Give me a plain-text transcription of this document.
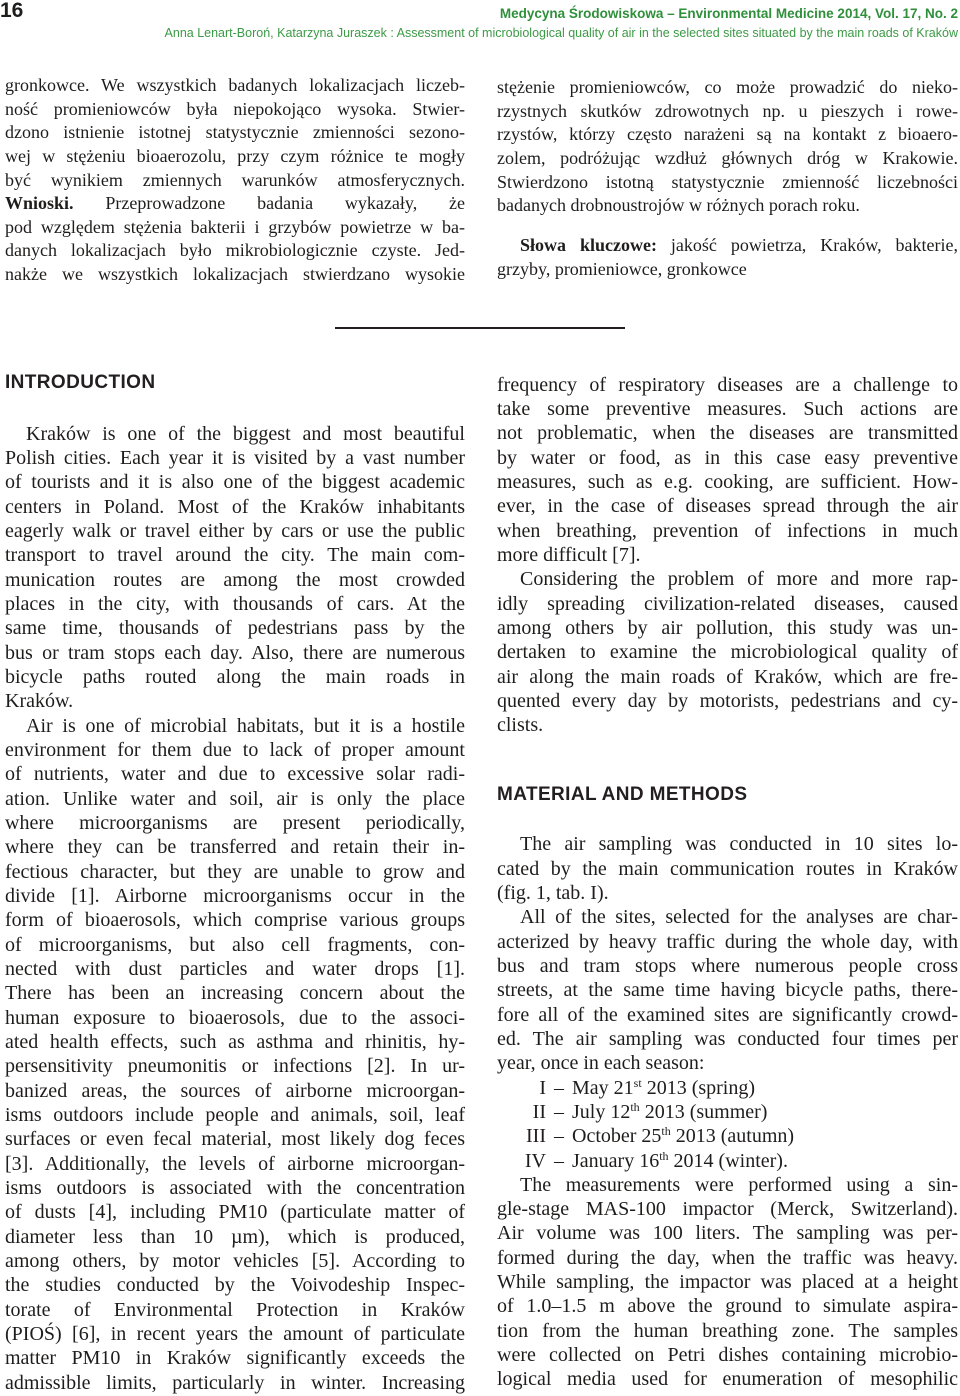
16	Medycyna Środowiskowa – Environmental Medicine 2014, Vol. 17, No. 2
Anna Lenart-Boroń, Katarzyna Juraszek : Assessment of microbiological quality of air in the selected sites situated by the main roads of Kraków
gronkowce. We wszystkich badanych lokalizacjach liczeb-
ność promieniowców była niepokojąco wysoka. Stwier-
dzono istnienie istotnej statystycznie zmienności sezono-
wej w stężeniu bioaerozolu, przy czym różnice te mogły
być wynikiem zmiennych warunków atmosferycznych.
Wnioski. Przeprowadzone badania wykazały, że
pod względem stężenia bakterii i grzybów powietrze w ba-
danych lokalizacjach było mikrobiologicznie czyste. Jed-
nakże we wszystkich lokalizacjach stwierdzano wysokie
stężenie promieniowców, co może prowadzić do nieko-
rzystnych skutków zdrowotnych np. u pieszych i rowe-
rzystów, którzy często narażeni są na kontakt z bioaero-
zolem, podróżując wzdłuż głównych dróg w Krakowie.
Stwierdzono istotną statystycznie zmienność liczebności
badanych drobnoustrojów w różnych porach roku.
Słowa kluczowe: jakość powietrza, Kraków, bakterie,
grzyby, promieniowce, gronkowce
INTRODUCTION
Kraków is one of the biggest and most beautiful
Polish cities. Each year it is visited by a vast number
of tourists and it is also one of the biggest academic
centers in Poland. Most of the Kraków inhabitants
eagerly walk or travel either by cars or use the public
transport to travel around the city. The main com-
munication routes are among the most crowded
places in the city, with thousands of cars. At the
same time, thousands of pedestrians pass by the
bus or tram stops each day. Also, there are numerous
bicycle paths routed along the main roads in
Kraków.
Air is one of microbial habitats, but it is a hostile
environment for them due to lack of proper amount
of nutrients, water and due to excessive solar radi-
ation. Unlike water and soil, air is only the place
where microorganisms are present periodically,
where they can be transferred and retain their in-
fectious character, but they are unable to grow and
divide [1]. Airborne microorganisms occur in the
form of bioaerosols, which comprise various groups
of microorganisms, but also cell fragments, con-
nected with dust particles and water drops [1].
There has been an increasing concern about the
human exposure to bioaerosols, due to the associ-
ated health effects, such as asthma and rhinitis, hy-
persensitivity pneumonitis or infections [2]. In ur-
banized areas, the sources of airborne microorgan-
isms outdoors include people and animals, soil, leaf
surfaces or even fecal material, most likely dog feces
[3]. Additionally, the levels of airborne microorgan-
isms outdoors is associated with the concentration
of dusts [4], including PM10 (particulate matter of
diameter less than 10 µm), which is produced,
among others, by motor vehicles [5]. According to
the studies conducted by the Voivodeship Inspec-
torate of Environmental Protection in Kraków
(PIOŚ) [6], in recent years the amount of particulate
matter PM10 in Kraków significantly exceeds the
admissible limits, particularly in winter. Increasing
frequency of respiratory diseases are a challenge to
take some preventive measures. Such actions are
not problematic, when the diseases are transmitted
by water or food, as in this case easy preventive
measures, such as e.g. cooking, are sufficient. How-
ever, in the case of diseases spread through the air
when breathing, prevention of infections in much
more difficult [7].
Considering the problem of more and more rap-
idly spreading civilization-related diseases, caused
among others by air pollution, this study was un-
dertaken to examine the microbiological quality of
air along the main roads of Kraków, which are fre-
quented every day by motorists, pedestrians and cy-
clists.
MATERIAL AND METHODS
The air sampling was conducted in 10 sites lo-
cated by the main communication routes in Kraków
(fig. 1, tab. I).
All of the sites, selected for the analyses are char-
acterized by heavy traffic during the whole day, with
bus and tram stops where numerous people cross
streets, at the same time having bicycle paths, there-
fore all of the examined sites are significantly crowd-
ed. The air sampling was conducted four times per
year, once in each season:
I – May 21st 2013 (spring)
II – July 12th 2013 (summer)
III – October 25th 2013 (autumn)
IV – January 16th 2014 (winter).
The measurements were performed using a sin-
gle-stage MAS-100 impactor (Merck, Switzerland).
Air volume was 100 liters. The sampling was per-
formed during the day, when the traffic was heavy.
While sampling, the impactor was placed at a height
of 1.0–1.5 m above the ground to simulate aspira-
tion from the human breathing zone. The samples
were collected on Petri dishes containing microbio-
logical media used for enumeration of mesophilic
